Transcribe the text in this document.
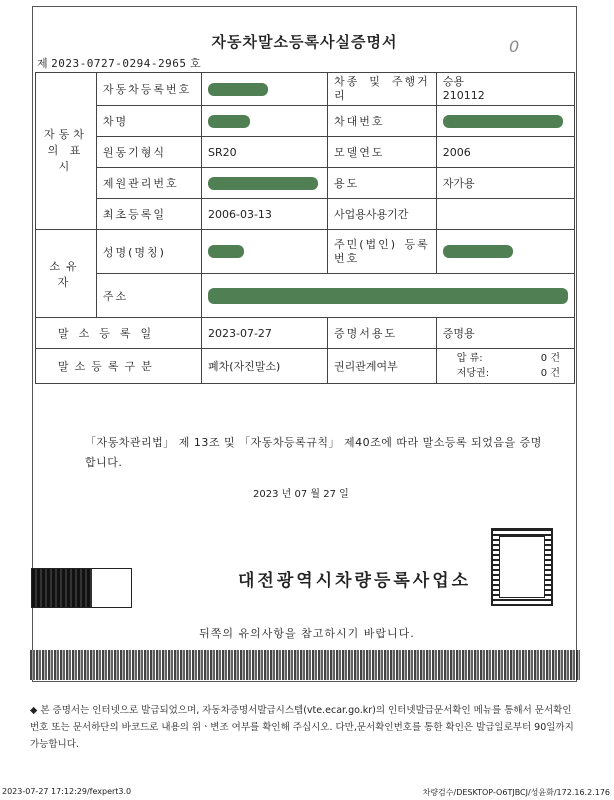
자동차말소등록사실증명서	0
제 2023-0727-0294-2965 호
자동차의 표시	자동차등록번호		차종 및 주행거리	승용
210112

	차명		차대번호	
	원동기형식	SR20	모델연도	2006
	제원관리번호		용도	자가용
	최초등록일	2006-03-13	사업용사용기간	
소유자	성명(명칭)		주민(법인) 등록번호	
	주소			
말소등록일		2023-07-27	증명서용도	증명용
말소등록구분		폐차(자진말소)	권리관계여부	압 류: 0 건
저당권: 0 건
「자동차관리법」 제 13조 및 「자동차등록규칙」 제40조에 따라 말소등록 되었음을 증명합니다.
2023 년 07 월 27 일
대전광역시차량등록사업소
뒤쪽의 유의사항을 참고하시기 바랍니다.
◆ 본 증명서는 인터넷으로 발급되었으며, 자동차증명서발급시스템(vte.ecar.go.kr)의 인터넷발급문서확인 메뉴를 통해서 문서확인번호 또는 문서하단의 바코드로 내용의 위ㆍ변조 여부를 확인해 주십시오. 다만,문서확인번호를 통한 확인은 발급일로부터 90일까지 가능합니다.
2023-07-27 17:12:29/fexpert3.0	차량검수/DESKTOP-O6TJBCJ/성윤화/172.16.2.176
